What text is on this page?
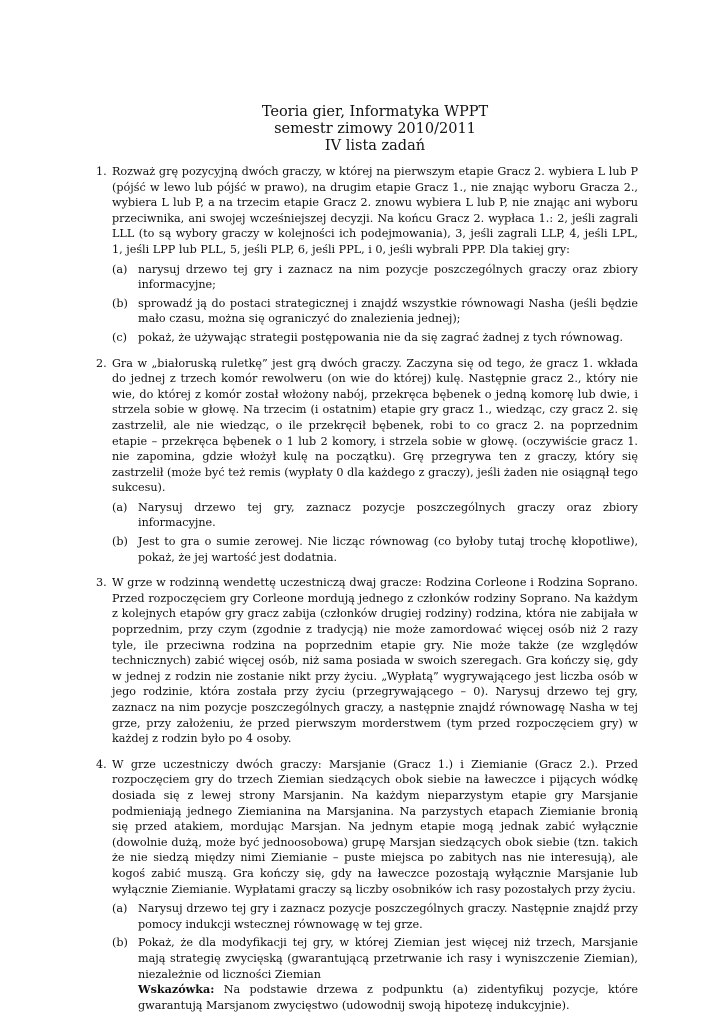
Teoria gier, Informatyka WPPT
semestr zimowy 2010/2011
IV lista zadań
1. Rozważ grę pozycyjną dwóch graczy, w której na pierwszym etapie Gracz 2. wybiera L lub P (pójść w lewo lub pójść w prawo), na drugim etapie Gracz 1., nie znając wyboru Gracza 2., wybiera L lub P, a na trzecim etapie Gracz 2. znowu wybiera L lub P, nie znając ani wyboru przeciwnika, ani swojej wcześniejszej decyzji. Na końcu Gracz 2. wypłaca 1.: 2, jeśli zagrali LLL (to są wybory graczy w kolejności ich podejmowania), 3, jeśli zagrali LLP, 4, jeśli LPL, 1, jeśli LPP lub PLL, 5, jeśli PLP, 6, jeśli PPL, i 0, jeśli wybrali PPP. Dla takiej gry:
(a) narysuj drzewo tej gry i zaznacz na nim pozycje poszczególnych graczy oraz zbiory informacyjne;
(b) sprowadź ją do postaci strategicznej i znajdź wszystkie równowagi Nasha (jeśli będzie mało czasu, można się ograniczyć do znalezienia jednej);
(c) pokaż, że używając strategii postępowania nie da się zagrać żadnej z tych równowag.
2. Gra w „białoruską ruletkę” jest grą dwóch graczy. Zaczyna się od tego, że gracz 1. wkłada do jednej z trzech komór rewolweru (on wie do której) kulę. Następnie gracz 2., który nie wie, do której z komór został włożony nabój, przekręca bębenek o jedną komorę lub dwie, i strzela sobie w głowę. Na trzecim (i ostatnim) etapie gry gracz 1., wiedząc, czy gracz 2. się zastrzelił, ale nie wiedząc, o ile przekręcił bębenek, robi to co gracz 2. na poprzednim etapie – przekręca bębenek o 1 lub 2 komory, i strzela sobie w głowę. (oczywiście gracz 1. nie zapomina, gdzie włożył kulę na początku). Grę przegrywa ten z graczy, który się zastrzelił (może być też remis (wypłaty 0 dla każdego z graczy), jeśli żaden nie osiągnął tego sukcesu).
(a) Narysuj drzewo tej gry, zaznacz pozycje poszczególnych graczy oraz zbiory informacyjne.
(b) Jest to gra o sumie zerowej. Nie licząc równowag (co byłoby tutaj trochę kłopotliwe), pokaż, że jej wartość jest dodatnia.
3. W grze w rodzinną wendettę uczestniczą dwaj gracze: Rodzina Corleone i Rodzina Soprano. Przed rozpoczęciem gry Corleone mordują jednego z członków rodziny Soprano. Na każdym z kolejnych etapów gry gracz zabija (członków drugiej rodziny) rodzina, która nie zabijała w poprzednim, przy czym (zgodnie z tradycją) nie może zamordować więcej osób niż 2 razy tyle, ile przeciwna rodzina na poprzednim etapie gry. Nie może także (ze względów technicznych) zabić więcej osób, niż sama posiada w swoich szeregach. Gra kończy się, gdy w jednej z rodzin nie zostanie nikt przy życiu. „Wypłatą” wygrywającego jest liczba osób w jego rodzinie, która została przy życiu (przegrywającego – 0). Narysuj drzewo tej gry, zaznacz na nim pozycje poszczególnych graczy, a następnie znajdź równowagę Nasha w tej grze, przy założeniu, że przed pierwszym morderstwem (tym przed rozpoczęciem gry) w każdej z rodzin było po 4 osoby.
4. W grze uczestniczy dwóch graczy: Marsjanie (Gracz 1.) i Ziemianie (Gracz 2.). Przed rozpoczęciem gry do trzech Ziemian siedzących obok siebie na ławeczce i pijących wódkę dosiada się z lewej strony Marsjanin. Na każdym nieparzystym etapie gry Marsjanie podmieniają jednego Ziemianina na Marsjanina. Na parzystych etapach Ziemianie bronią się przed atakiem, mordując Marsjan. Na jednym etapie mogą jednak zabić wyłącznie (dowolnie dużą, może być jednoosobowa) grupę Marsjan siedzących obok siebie (tzn. takich że nie siedzą między nimi Ziemianie – puste miejsca po zabitych nas nie interesują), ale kogoś zabić muszą. Gra kończy się, gdy na ławeczce pozostają wyłącznie Marsjanie lub wyłącznie Ziemianie. Wypłatami graczy są liczby osobników ich rasy pozostałych przy życiu.
(a) Narysuj drzewo tej gry i zaznacz pozycje poszczególnych graczy. Następnie znajdź przy pomocy indukcji wstecznej równowagę w tej grze.
(b) Pokaż, że dla modyfikacji tej gry, w której Ziemian jest więcej niż trzech, Marsjanie mają strategię zwycięską (gwarantującą przetrwanie ich rasy i wyniszczenie Ziemian), niezależnie od liczności Ziemian
Wskazówka: Na podstawie drzewa z podpunktu (a) zidentyfikuj pozycje, które gwarantują Marsjanom zwycięstwo (udowodnij swoją hipotezę indukcyjnie).
